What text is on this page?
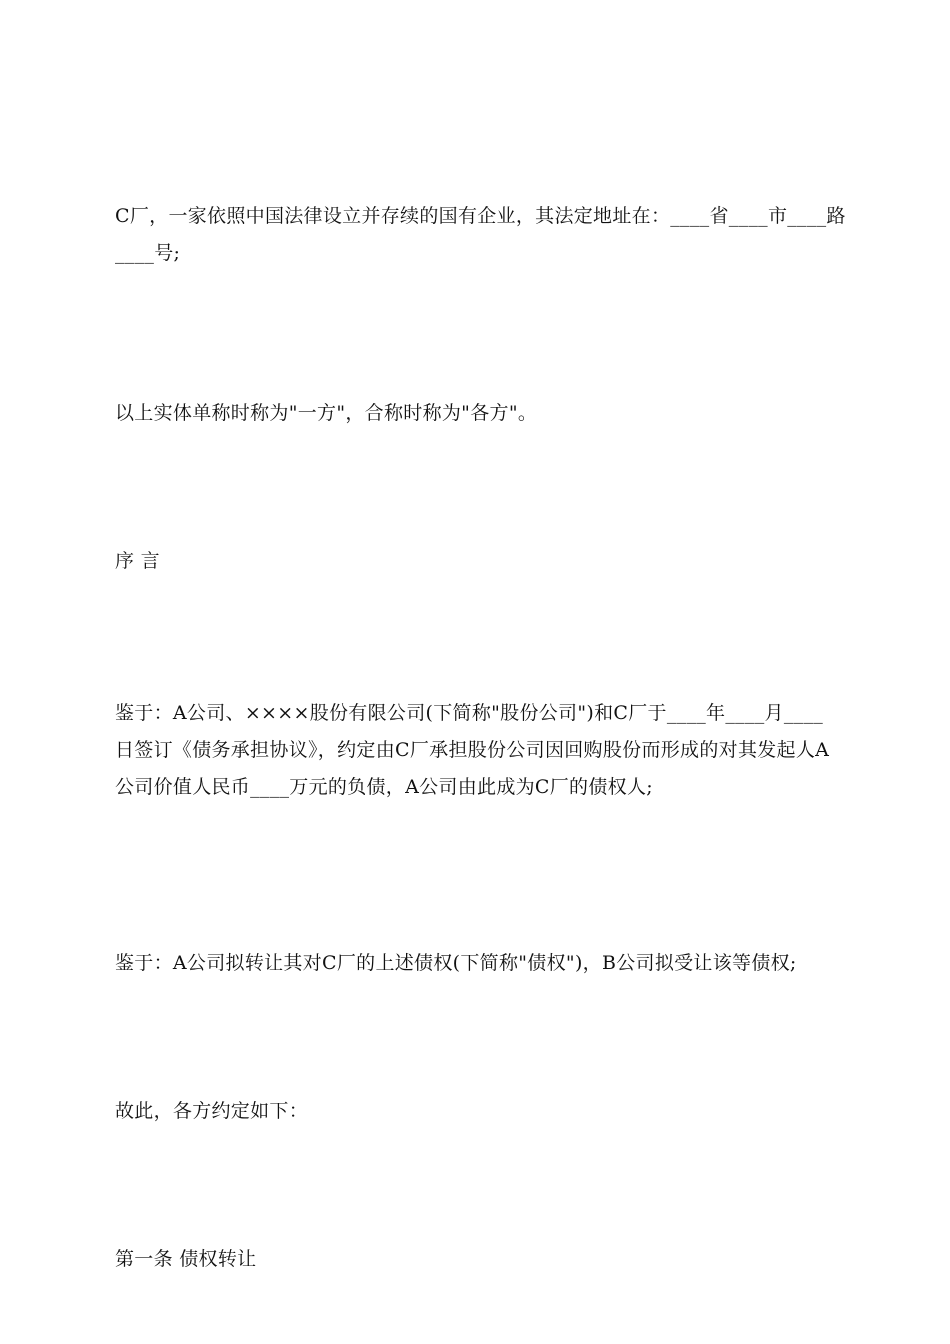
C厂，一家依照中国法律设立并存续的国有企业，其法定地址在：____省____市____路
____号;

以上实体单称时称为"一方"，合称时称为"各方"。

序 言

鉴于：A公司、××××股份有限公司(下简称"股份公司")和C厂于____年____月____
日签订《债务承担协议》，约定由C厂承担股份公司因回购股份而形成的对其发起人A
公司价值人民币____万元的负债，A公司由此成为C厂的债权人;

鉴于：A公司拟转让其对C厂的上述债权(下简称"债权")，B公司拟受让该等债权;

故此，各方约定如下：

第一条 债权转让
